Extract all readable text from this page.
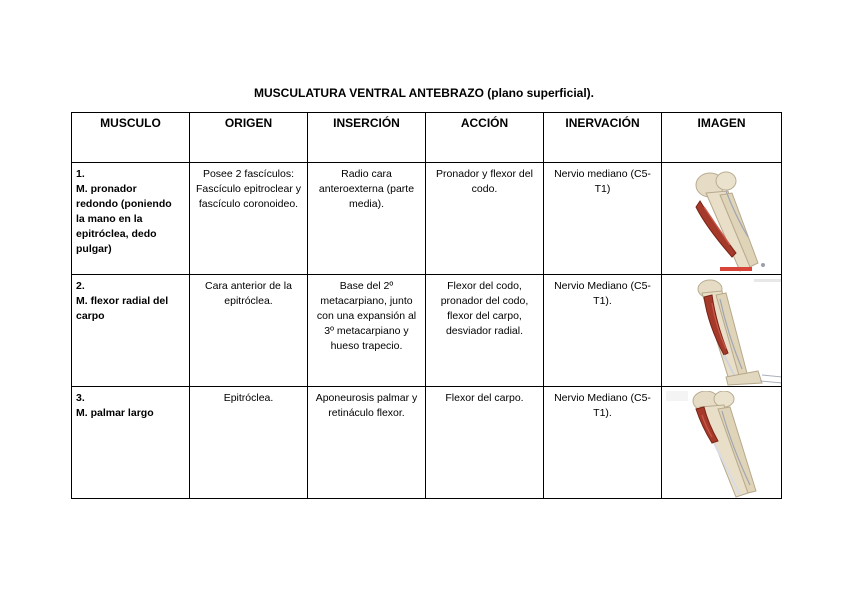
MUSCULATURA VENTRAL ANTEBRAZO (plano superficial).
MUSCULO	ORIGEN	INSERCIÓN	ACCIÓN	INERVACIÓN	IMAGEN
1.M. pronador redondo (poniendo la mano en la epitróclea, dedo pulgar)	Posee 2 fascículos: Fascículo epitroclear y fascículo coronoideo.	Radio cara anteroexterna (parte media).	Pronador y flexor del codo.	Nervio mediano (C5-T1)	

2.M. flexor radial del carpo	Cara anterior de la epitróclea.	Base del 2º metacarpiano, junto con una expansión al 3º metacarpiano y hueso trapecio.	Flexor del codo, pronador del codo, flexor del carpo, desviador radial.	Nervio Mediano (C5-T1).	

3.M. palmar largo	Epitróclea.	Aponeurosis palmar y retináculo flexor.	Flexor del carpo.	Nervio Mediano (C5-T1).	
